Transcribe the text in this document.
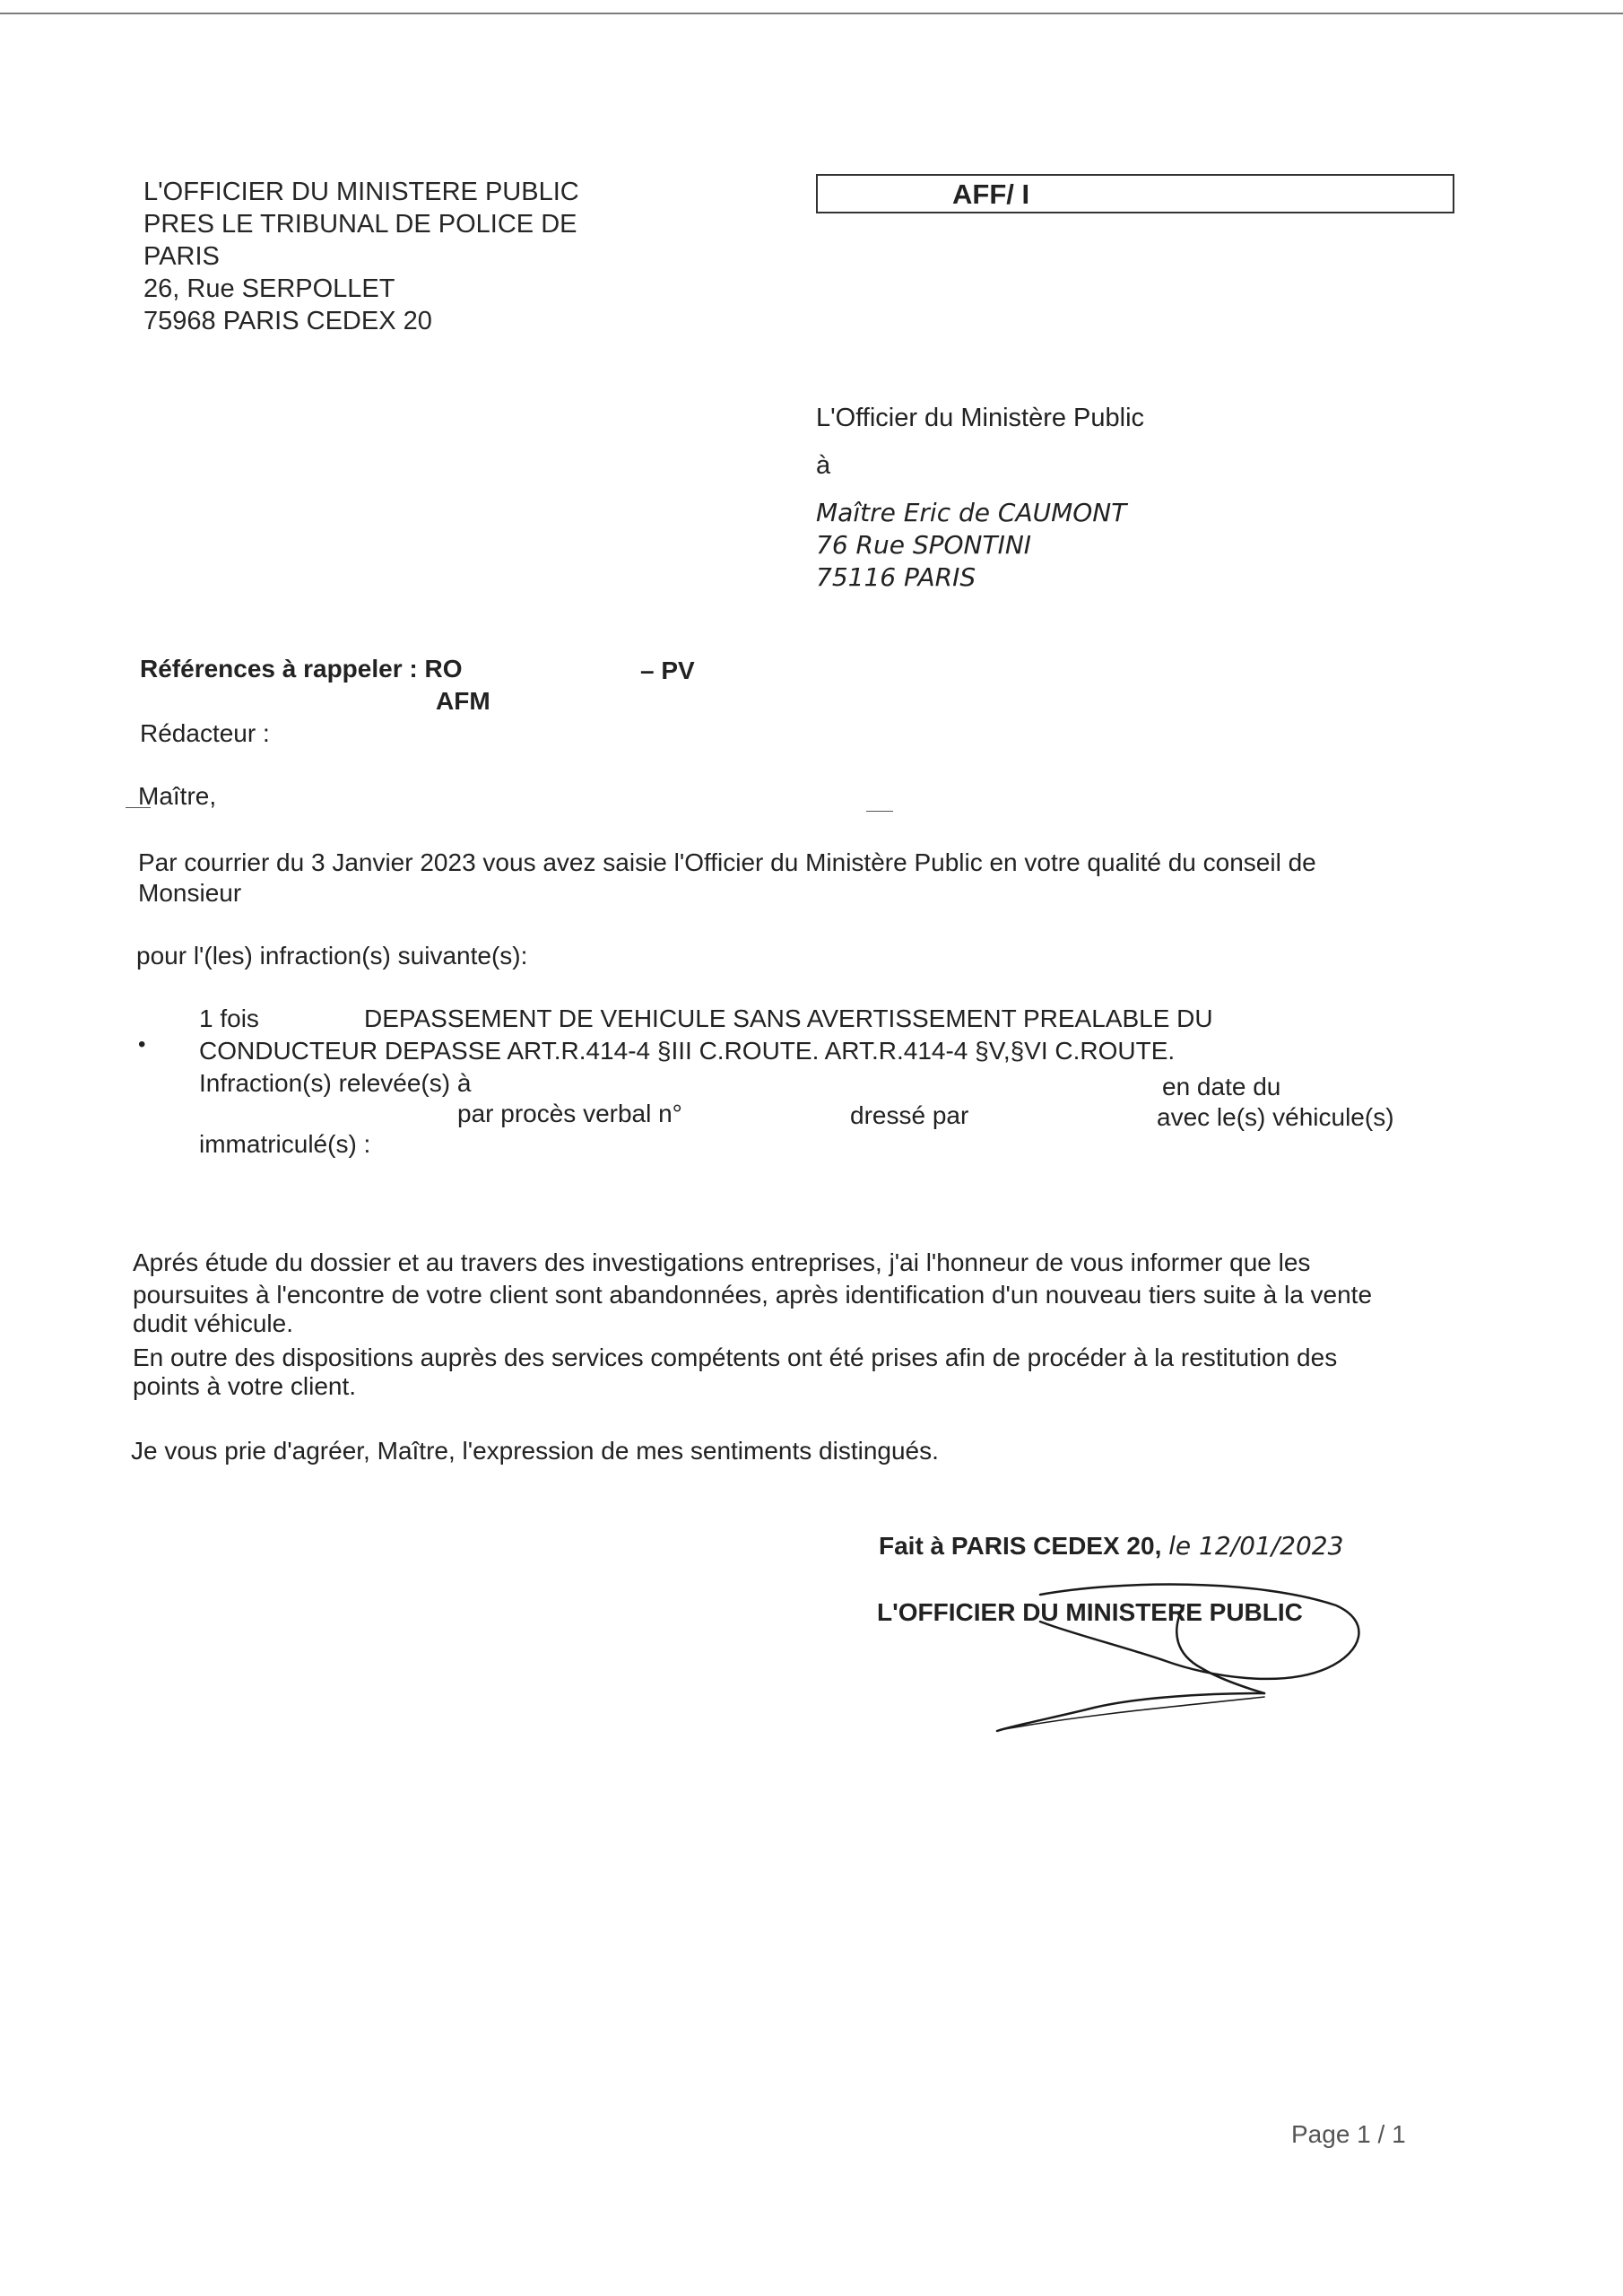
L'OFFICIER DU MINISTERE PUBLIC
PRES LE TRIBUNAL DE POLICE DE
PARIS
26, Rue SERPOLLET
75968 PARIS CEDEX 20
AFF/ I
L'Officier du Ministère Public
à
Maître Eric de CAUMONT
76 Rue SPONTINI
75116 PARIS
Références à rappeler : RO	– PV
AFM
Rédacteur :
Maître,
Par courrier du 3 Janvier 2023 vous avez saisie l'Officier du Ministère Public en votre qualité du conseil de
Monsieur
pour l'(les) infraction(s) suivante(s):
1 fois	DEPASSEMENT DE VEHICULE SANS AVERTISSEMENT PREALABLE DU
• CONDUCTEUR DEPASSE ART.R.414-4 §III C.ROUTE. ART.R.414-4 §V,§VI C.ROUTE.
Infraction(s) relevée(s) à	en date du
par procès verbal n°	dressé par	avec le(s) véhicule(s)
immatriculé(s) :
Aprés étude du dossier et au travers des investigations entreprises, j'ai l'honneur de vous informer que les
poursuites à l'encontre de votre client sont abandonnées, après identification d'un nouveau tiers suite à la vente
dudit véhicule.
En outre des dispositions auprès des services compétents ont été prises afin de procéder à la restitution des
points à votre client.
Je vous prie d'agréer, Maître, l'expression de mes sentiments distingués.
Fait à PARIS CEDEX 20, le 12/01/2023
L'OFFICIER DU MINISTERE PUBLIC
Page 1 / 1
